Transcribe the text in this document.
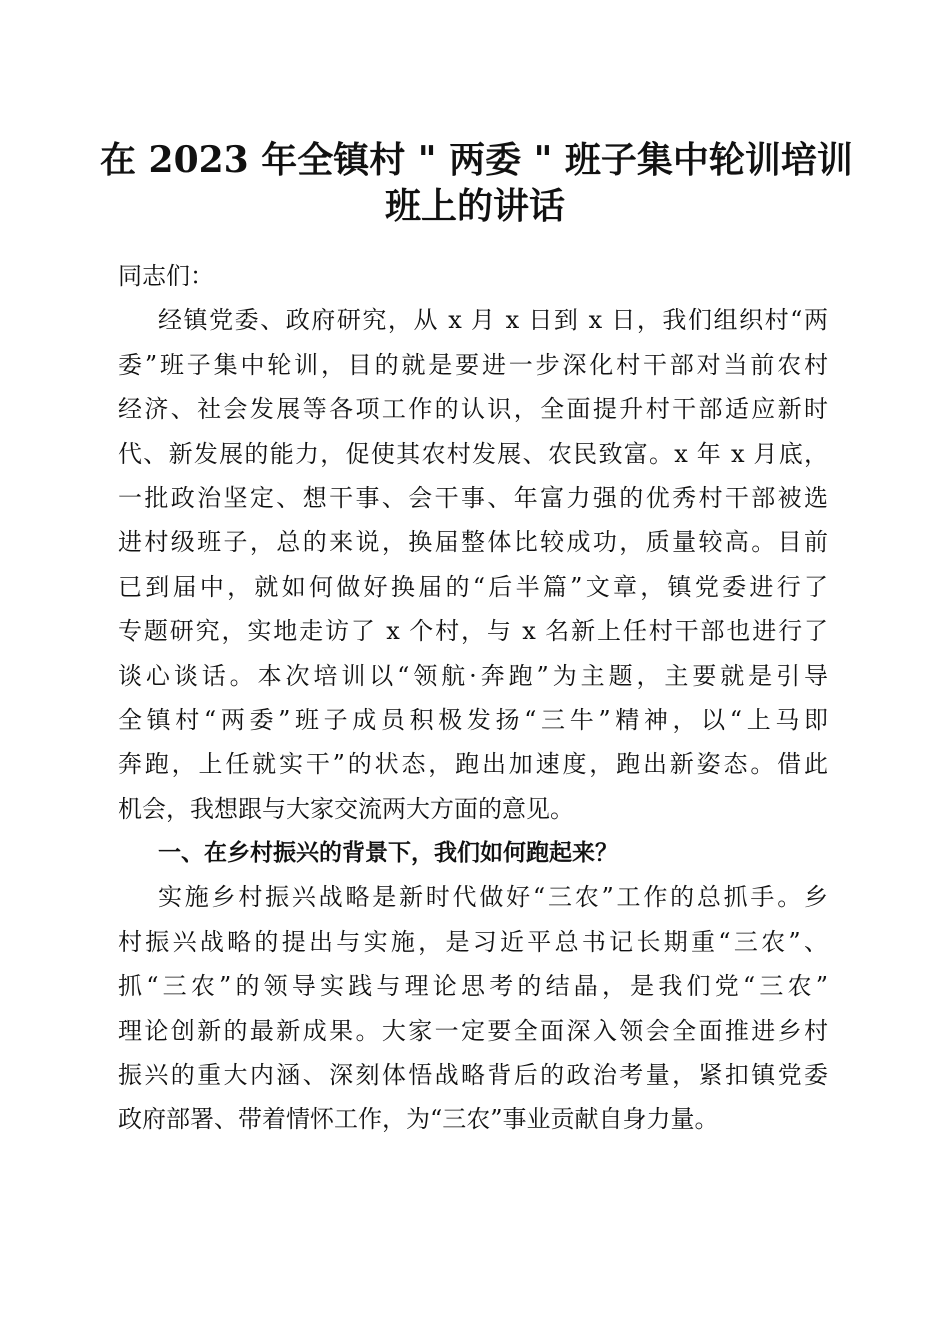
在 2023 年全镇村 " 两委 " 班子集中轮训培训
班上的讲话
同志们：
经镇党委、政府研究，从 x 月 x 日到 x 日，我们组织村“两
委”班子集中轮训，目的就是要进一步深化村干部对当前农村
经济、社会发展等各项工作的认识，全面提升村干部适应新时
代、新发展的能力，促使其农村发展、农民致富。x 年 x 月底，
一批政治坚定、想干事、会干事、年富力强的优秀村干部被选
进村级班子，总的来说，换届整体比较成功，质量较高。目前
已到届中，就如何做好换届的“后半篇”文章，镇党委进行了
专题研究，实地走访了 x 个村，与 x 名新上任村干部也进行了
谈心谈话。本次培训以“领航·奔跑”为主题，主要就是引导
全镇村“两委”班子成员积极发扬“三牛”精神，以“上马即
奔跑，上任就实干”的状态，跑出加速度，跑出新姿态。借此
机会，我想跟与大家交流两大方面的意见。
一、在乡村振兴的背景下，我们如何跑起来？
实施乡村振兴战略是新时代做好“三农”工作的总抓手。乡
村振兴战略的提出与实施，是习近平总书记长期重“三农”、
抓“三农”的领导实践与理论思考的结晶，是我们党“三农”
理论创新的最新成果。大家一定要全面深入领会全面推进乡村
振兴的重大内涵、深刻体悟战略背后的政治考量，紧扣镇党委
政府部署、带着情怀工作，为“三农”事业贡献自身力量。
